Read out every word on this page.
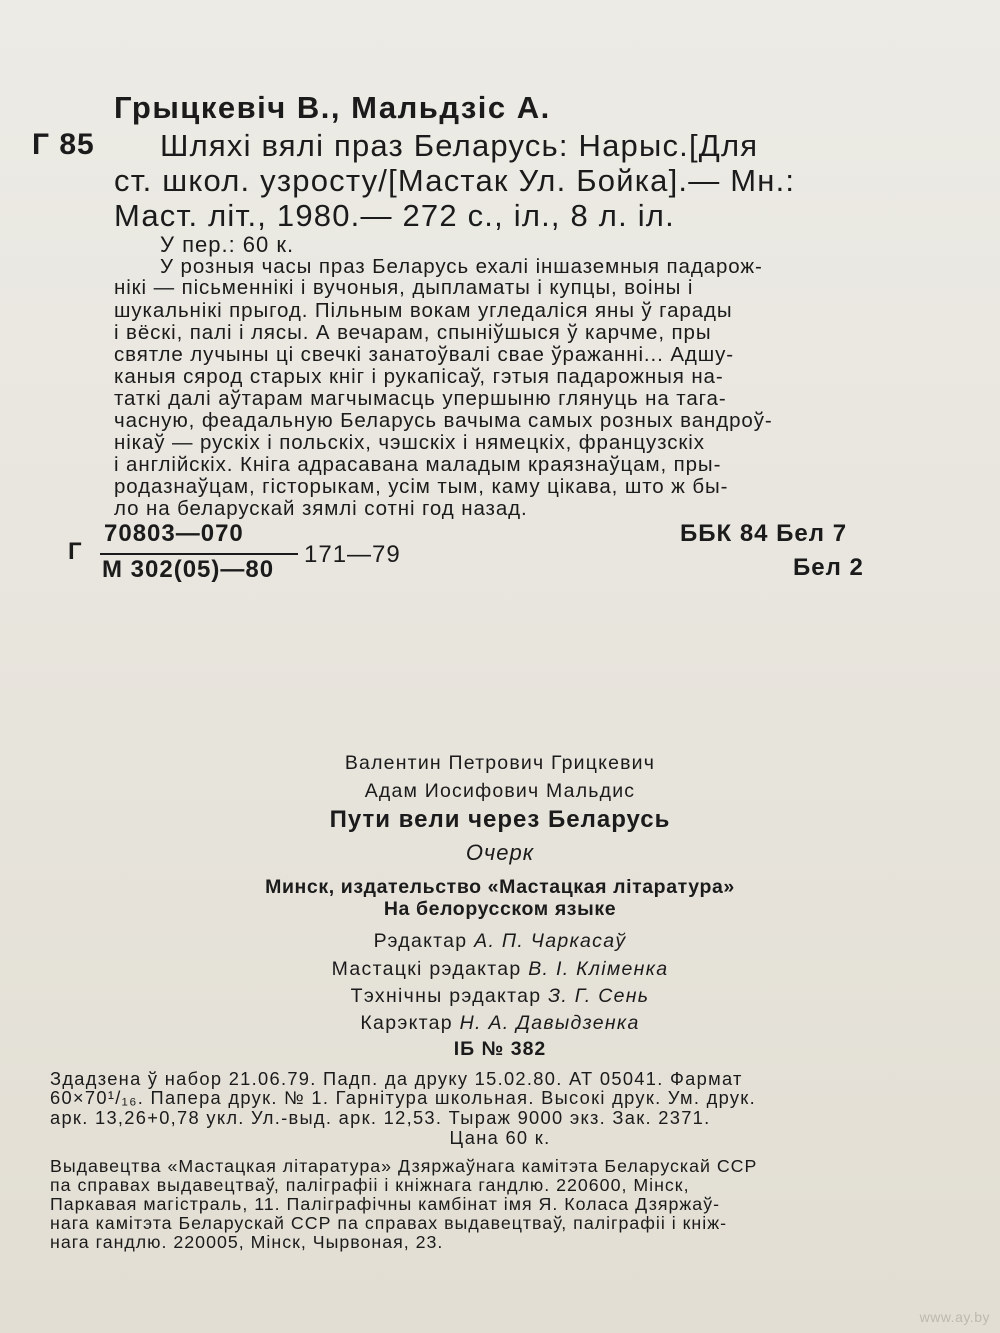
Грыцкевіч В., Мальдзіс А.
Г 85 Шляхі вялі праз Беларусь: Нарыс.[Для
ст. школ. узросту/[Мастак Ул. Бойка].— Мн.:
Маст. літ., 1980.— 272 с., іл., 8 л. іл.
У пер.: 60 к.
У розныя часы праз Беларусь ехалі іншаземныя падарож-
нікі — пісьменнікі і вучоныя, дыпламаты і купцы, воіны і
шукальнікі прыгод. Пільным вокам угледаліся яны ў гарады
і вёскі, палі і лясы. А вечарам, спыніўшыся ў карчме, пры
святле лучыны ці свечкі занатоўвалі свае ўражанні... Адшу-
каныя сярод старых кніг і рукапісаў, гэтыя падарожныя на-
таткі далі аўтарам магчымасць упершыню глянуць на тага-
часную, феадальную Беларусь вачыма самых розных вандроў-
нікаў — рускіх і польскіх, чэшскіх і нямецкіх, французскіх
і англійскіх. Кніга адрасавана маладым краязнаўцам, пры-
родазнаўцам, гісторыкам, усім тым, каму цікава, што ж бы-
ло на беларускай зямлі сотні год назад.
Г
70803—070
М 302(05)—80
171—79
ББК 84 Бел 7
Бел 2
Валентин Петрович Грицкевич
Адам Иосифович Мальдис
Пути вели через Беларусь
Очерк
Минск, издательство «Мастацкая літаратура»
На белорусском языке
Рэдактар А. П. Чаркасаў
Мастацкі рэдактар В. І. Кліменка
Тэхнічны рэдактар З. Г. Сень
Карэктар Н. А. Давыдзенка
ІБ № 382
Здадзена ў набор 21.06.79. Падп. да друку 15.02.80. АТ 05041. Фармат
60×70¹/₁₆. Папера друк. № 1. Гарнітура школьная. Высокі друк. Ум. друк.
арк. 13,26+0,78 укл. Ул.-выд. арк. 12,53. Тыраж 9000 экз. Зак. 2371.
Цана 60 к.
Выдавецтва «Мастацкая літаратура» Дзяржаўнага камітэта Беларускай ССР
па справах выдавецтваў, паліграфіі і кніжнага гандлю. 220600, Мінск,
Паркавая магістраль, 11. Паліграфічны камбінат імя Я. Коласа Дзяржаў-
нага камітэта Беларускай ССР па справах выдавецтваў, паліграфіі і кніж-
нага гандлю. 220005, Мінск, Чырвоная, 23.
www.ay.by
